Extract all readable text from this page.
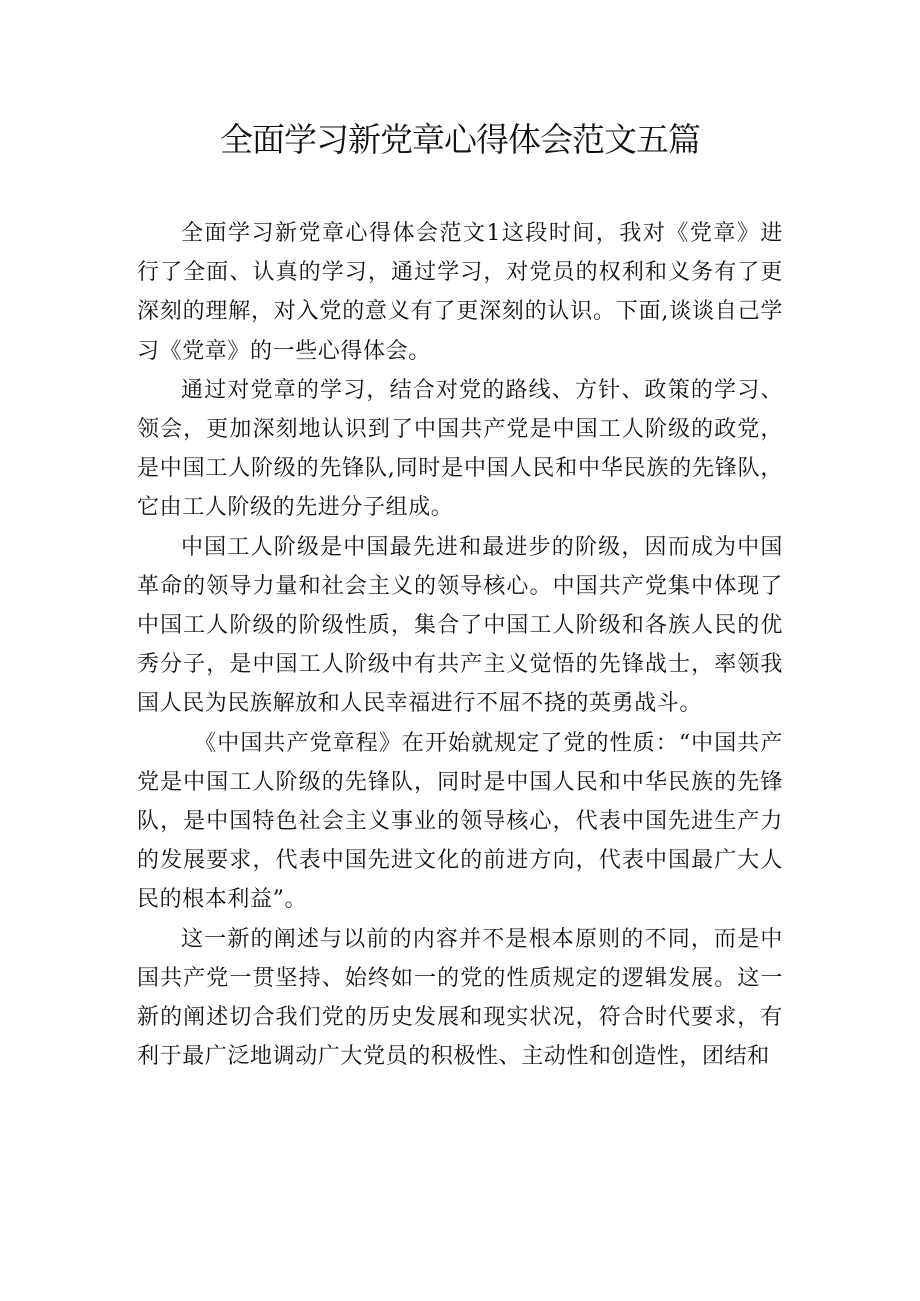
全面学习新党章心得体会范文五篇

全面学习新党章心得体会范文1这段时间，我对《党章》进行了全面、认真的学习，通过学习，对党员的权利和义务有了更深刻的理解，对入党的意义有了更深刻的认识。下面,谈谈自己学习《党章》的一些心得体会。

通过对党章的学习，结合对党的路线、方针、政策的学习、领会，更加深刻地认识到了中国共产党是中国工人阶级的政党，是中国工人阶级的先锋队,同时是中国人民和中华民族的先锋队，它由工人阶级的先进分子组成。

中国工人阶级是中国最先进和最进步的阶级，因而成为中国革命的领导力量和社会主义的领导核心。中国共产党集中体现了中国工人阶级的阶级性质，集合了中国工人阶级和各族人民的优秀分子，是中国工人阶级中有共产主义觉悟的先锋战士，率领我国人民为民族解放和人民幸福进行不屈不挠的英勇战斗。

《中国共产党章程》在开始就规定了党的性质：“中国共产党是中国工人阶级的先锋队，同时是中国人民和中华民族的先锋队，是中国特色社会主义事业的领导核心，代表中国先进生产力的发展要求，代表中国先进文化的前进方向，代表中国最广大人民的根本利益”。

这一新的阐述与以前的内容并不是根本原则的不同，而是中国共产党一贯坚持、始终如一的党的性质规定的逻辑发展。这一新的阐述切合我们党的历史发展和现实状况，符合时代要求，有利于最广泛地调动广大党员的积极性、主动性和创造性，团结和
